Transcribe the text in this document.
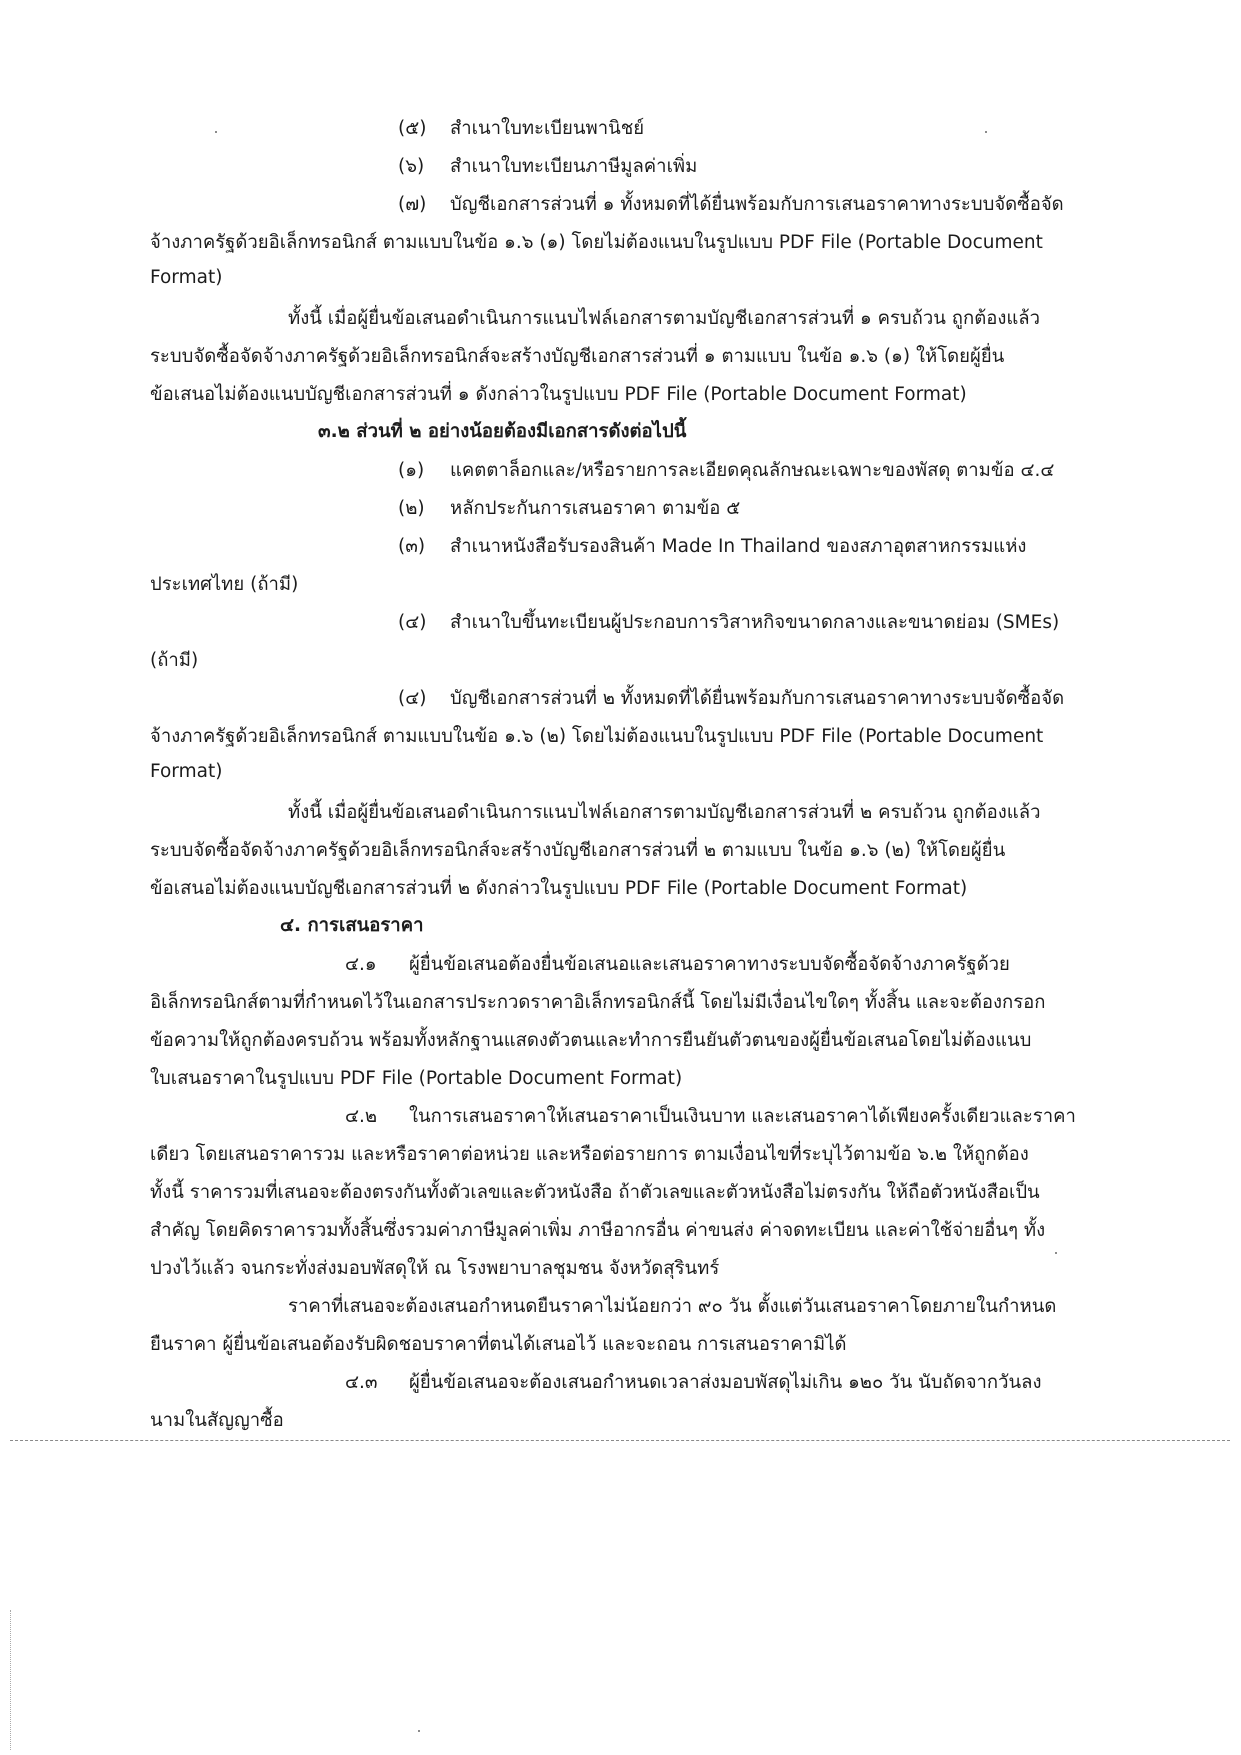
(๕) สำเนาใบทะเบียนพานิชย์
(๖) สำเนาใบทะเบียนภาษีมูลค่าเพิ่ม
(๗) บัญชีเอกสารส่วนที่ ๑ ทั้งหมดที่ได้ยื่นพร้อมกับการเสนอราคาทางระบบจัดซื้อจัด
จ้างภาครัฐด้วยอิเล็กทรอนิกส์ ตามแบบในข้อ ๑.๖ (๑) โดยไม่ต้องแนบในรูปแบบ PDF File (Portable Document
Format)
ทั้งนี้ เมื่อผู้ยื่นข้อเสนอดำเนินการแนบไฟล์เอกสารตามบัญชีเอกสารส่วนที่ ๑ ครบถ้วน ถูกต้องแล้ว
ระบบจัดซื้อจัดจ้างภาครัฐด้วยอิเล็กทรอนิกส์จะสร้างบัญชีเอกสารส่วนที่ ๑ ตามแบบ ในข้อ ๑.๖ (๑) ให้โดยผู้ยื่น
ข้อเสนอไม่ต้องแนบบัญชีเอกสารส่วนที่ ๑ ดังกล่าวในรูปแบบ PDF File (Portable Document Format)
๓.๒ ส่วนที่ ๒ อย่างน้อยต้องมีเอกสารดังต่อไปนี้
(๑) แคตตาล็อกและ/หรือรายการละเอียดคุณลักษณะเฉพาะของพัสดุ ตามข้อ ๔.๔
(๒) หลักประกันการเสนอราคา ตามข้อ ๕
(๓) สำเนาหนังสือรับรองสินค้า Made In Thailand ของสภาอุตสาหกรรมแห่ง
ประเทศไทย (ถ้ามี)
(๔) สำเนาใบขึ้นทะเบียนผู้ประกอบการวิสาหกิจขนาดกลางและขนาดย่อม (SMEs)
(ถ้ามี)
(๔) บัญชีเอกสารส่วนที่ ๒ ทั้งหมดที่ได้ยื่นพร้อมกับการเสนอราคาทางระบบจัดซื้อจัด
จ้างภาครัฐด้วยอิเล็กทรอนิกส์ ตามแบบในข้อ ๑.๖ (๒) โดยไม่ต้องแนบในรูปแบบ PDF File (Portable Document
Format)
ทั้งนี้ เมื่อผู้ยื่นข้อเสนอดำเนินการแนบไฟล์เอกสารตามบัญชีเอกสารส่วนที่ ๒ ครบถ้วน ถูกต้องแล้ว
ระบบจัดซื้อจัดจ้างภาครัฐด้วยอิเล็กทรอนิกส์จะสร้างบัญชีเอกสารส่วนที่ ๒ ตามแบบ ในข้อ ๑.๖ (๒) ให้โดยผู้ยื่น
ข้อเสนอไม่ต้องแนบบัญชีเอกสารส่วนที่ ๒ ดังกล่าวในรูปแบบ PDF File (Portable Document Format)
๔. การเสนอราคา
๔.๑ ผู้ยื่นข้อเสนอต้องยื่นข้อเสนอและเสนอราคาทางระบบจัดซื้อจัดจ้างภาครัฐด้วย
อิเล็กทรอนิกส์ตามที่กำหนดไว้ในเอกสารประกวดราคาอิเล็กทรอนิกส์นี้ โดยไม่มีเงื่อนไขใดๆ ทั้งสิ้น และจะต้องกรอก
ข้อความให้ถูกต้องครบถ้วน พร้อมทั้งหลักฐานแสดงตัวตนและทำการยืนยันตัวตนของผู้ยื่นข้อเสนอโดยไม่ต้องแนบ
ใบเสนอราคาในรูปแบบ PDF File (Portable Document Format)
๔.๒ ในการเสนอราคาให้เสนอราคาเป็นเงินบาท และเสนอราคาได้เพียงครั้งเดียวและราคา
เดียว โดยเสนอราคารวม และหรือราคาต่อหน่วย และหรือต่อรายการ ตามเงื่อนไขที่ระบุไว้ตามข้อ ๖.๒ ให้ถูกต้อง
ทั้งนี้ ราคารวมที่เสนอจะต้องตรงกันทั้งตัวเลขและตัวหนังสือ ถ้าตัวเลขและตัวหนังสือไม่ตรงกัน ให้ถือตัวหนังสือเป็น
สำคัญ โดยคิดราคารวมทั้งสิ้นซึ่งรวมค่าภาษีมูลค่าเพิ่ม ภาษีอากรอื่น ค่าขนส่ง ค่าจดทะเบียน และค่าใช้จ่ายอื่นๆ ทั้ง
ปวงไว้แล้ว จนกระทั่งส่งมอบพัสดุให้ ณ โรงพยาบาลชุมชน จังหวัดสุรินทร์
ราคาที่เสนอจะต้องเสนอกำหนดยืนราคาไม่น้อยกว่า ๙๐ วัน ตั้งแต่วันเสนอราคาโดยภายในกำหนด
ยืนราคา ผู้ยื่นข้อเสนอต้องรับผิดชอบราคาที่ตนได้เสนอไว้ และจะถอน การเสนอราคามิได้
๔.๓ ผู้ยื่นข้อเสนอจะต้องเสนอกำหนดเวลาส่งมอบพัสดุไม่เกิน ๑๒๐ วัน นับถัดจากวันลง
นามในสัญญาซื้อ
